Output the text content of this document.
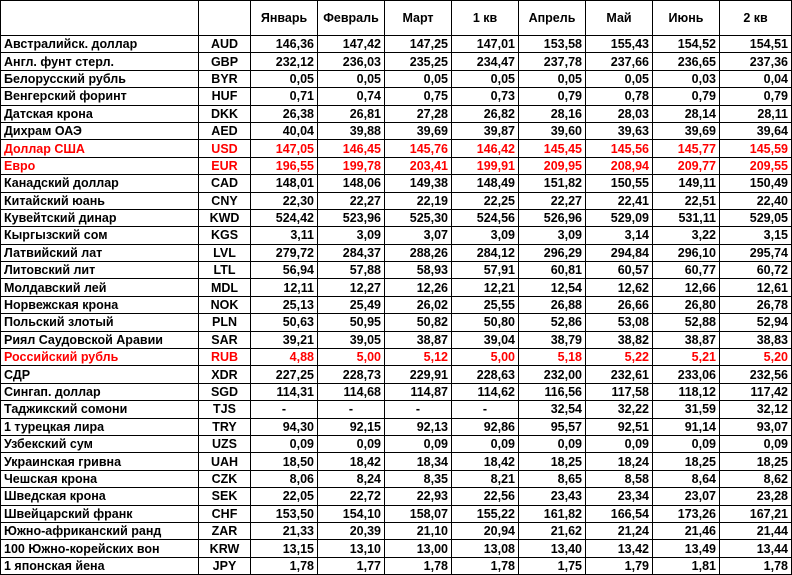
		Январь	Февраль	Март	1 кв	Апрель	Май	Июнь	2 кв
Австралийск. доллар	AUD	146,36	147,42	147,25	147,01	153,58	155,43	154,52	154,51
Англ. фунт стерл.	GBP	232,12	236,03	235,25	234,47	237,78	237,66	236,65	237,36
Белорусский рубль	BYR	0,05	0,05	0,05	0,05	0,05	0,05	0,03	0,04
Венгерский форинт	HUF	0,71	0,74	0,75	0,73	0,79	0,78	0,79	0,79
Датская крона	DKK	26,38	26,81	27,28	26,82	28,16	28,03	28,14	28,11
Дихрам ОАЭ	AED	40,04	39,88	39,69	39,87	39,60	39,63	39,69	39,64
Доллар США	USD	147,05	146,45	145,76	146,42	145,45	145,56	145,77	145,59
Евро	EUR	196,55	199,78	203,41	199,91	209,95	208,94	209,77	209,55
Канадский доллар	CAD	148,01	148,06	149,38	148,49	151,82	150,55	149,11	150,49
Китайский юань	CNY	22,30	22,27	22,19	22,25	22,27	22,41	22,51	22,40
Кувейтский динар	KWD	524,42	523,96	525,30	524,56	526,96	529,09	531,11	529,05
Кыргызский сом	KGS	3,11	3,09	3,07	3,09	3,09	3,14	3,22	3,15
Латвийский лат	LVL	279,72	284,37	288,26	284,12	296,29	294,84	296,10	295,74
Литовский лит	LTL	56,94	57,88	58,93	57,91	60,81	60,57	60,77	60,72
Молдавский лей	MDL	12,11	12,27	12,26	12,21	12,54	12,62	12,66	12,61
Норвежская крона	NOK	25,13	25,49	26,02	25,55	26,88	26,66	26,80	26,78
Польский злотый	PLN	50,63	50,95	50,82	50,80	52,86	53,08	52,88	52,94
Риял Саудовской Аравии	SAR	39,21	39,05	38,87	39,04	38,79	38,82	38,87	38,83
Российский рубль	RUB	4,88	5,00	5,12	5,00	5,18	5,22	5,21	5,20
СДР	XDR	227,25	228,73	229,91	228,63	232,00	232,61	233,06	232,56
Сингап. доллар	SGD	114,31	114,68	114,87	114,62	116,56	117,58	118,12	117,42
Таджикский сомони	TJS	-	-	-	-	32,54	32,22	31,59	32,12
1 турецкая лира	TRY	94,30	92,15	92,13	92,86	95,57	92,51	91,14	93,07
Узбекский сум	UZS	0,09	0,09	0,09	0,09	0,09	0,09	0,09	0,09
Украинская гривна	UAH	18,50	18,42	18,34	18,42	18,25	18,24	18,25	18,25
Чешская крона	CZK	8,06	8,24	8,35	8,21	8,65	8,58	8,64	8,62
Шведская крона	SEK	22,05	22,72	22,93	22,56	23,43	23,34	23,07	23,28
Швейцарский франк	CHF	153,50	154,10	158,07	155,22	161,82	166,54	173,26	167,21
Южно-африканский ранд	ZAR	21,33	20,39	21,10	20,94	21,62	21,24	21,46	21,44
100 Южно-корейских вон	KRW	13,15	13,10	13,00	13,08	13,40	13,42	13,49	13,44
1 японская йена	JPY	1,78	1,77	1,78	1,78	1,75	1,79	1,81	1,78
